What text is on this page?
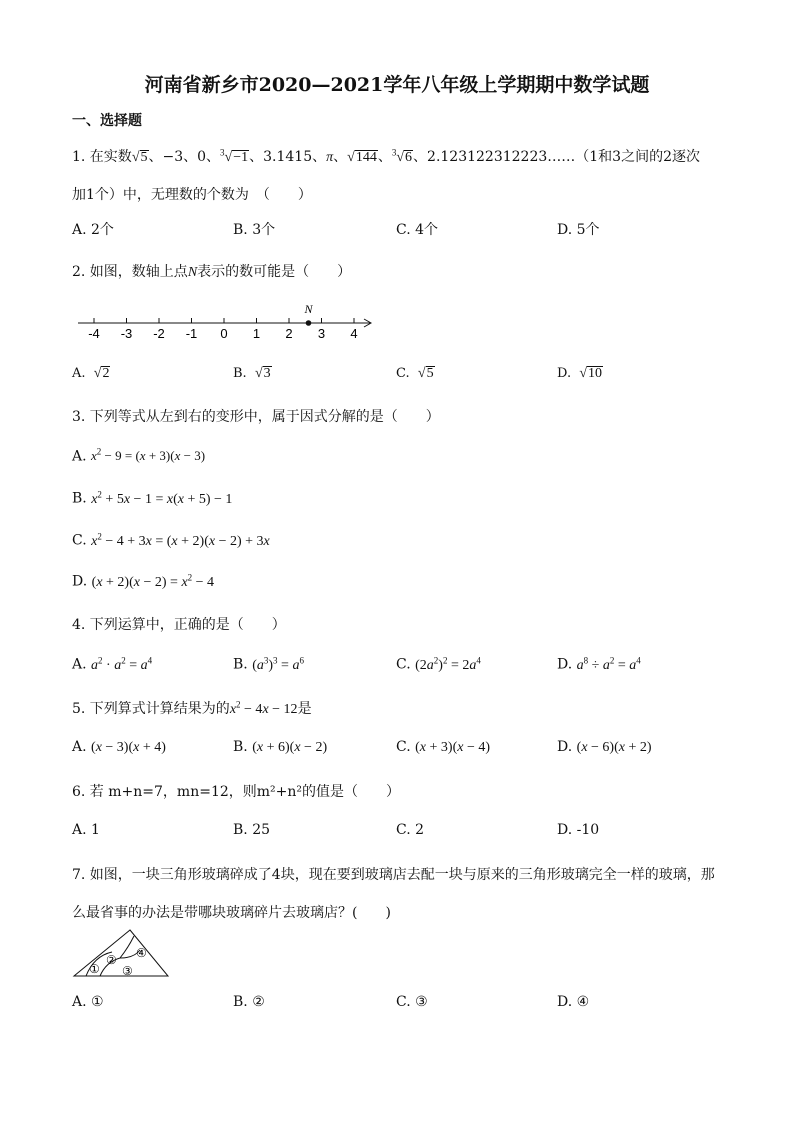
河南省新乡市2020—2021学年八年级上学期期中数学试题
一、选择题
1. 在实数√5、−3、0、$^3$√−1、3.1415、π、√144、$^3$√6、2.123122312223……（1和3之间的2逐次
加1个）中，无理数的个数为　（　　）
A. 2个	B. 3个	C. 4个	D. 5个
2. 如图，数轴上点N表示的数可能是（　　）
-4 -3 -2 -1 0 1 2 3 4
N
A. √2	B. √3	C. √5	D. √10
3. 下列等式从左到右的变形中，属于因式分解的是（　　）
A. $x^2 - 9 = (x + 3)(x - 3)$
B. $x^2 + 5x - 1 = x(x + 5) - 1$
C. $x^2 - 4 + 3x = (x + 2)(x - 2) + 3x$
D. $(x + 2)(x - 2) = x^2 - 4$
4. 下列运算中，正确的是（　　）
A. $a^2 \cdot a^2 = a^4$	B. $(a^3)^3 = a^6$	C. $(2a^2)^2 = 2a^4$	D. $a^8 \div a^2 = a^4$
5. 下列算式计算结果为的$x^2 - 4x - 12$是
A. (x − 3)(x + 4)	B. (x + 6)(x − 2)	C. (x + 3)(x − 4)	D. (x − 6)(x + 2)
6. 若 m+n=7，mn=12，则m²+n²的值是（　　）
A. 1	B. 25	C. 2	D. -10
7. 如图，一块三角形玻璃碎成了4块，现在要到玻璃店去配一块与原来的三角形玻璃完全一样的玻璃，那
么最省事的办法是带哪块玻璃碎片去玻璃店？(　　)
①
②
③
④
A. ①	B. ②	C. ③	D. ④
